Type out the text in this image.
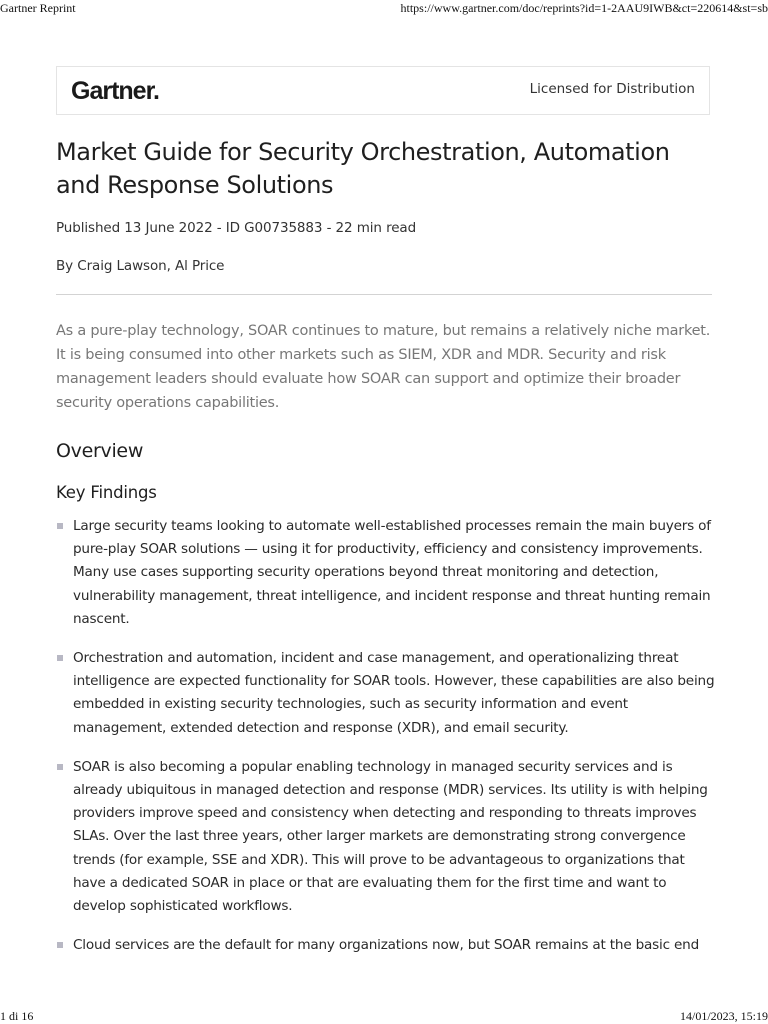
Gartner Reprint	https://www.gartner.com/doc/reprints?id=1-2AAU9IWB&ct=220614&st=sb
Gartner.	Licensed for Distribution
Market Guide for Security Orchestration, Automation and Response Solutions
Published 13 June 2022 - ID G00735883 - 22 min read
By Craig Lawson, Al Price

As a pure-play technology, SOAR continues to mature, but remains a relatively niche market. It is being consumed into other markets such as SIEM, XDR and MDR. Security and risk management leaders should evaluate how SOAR can support and optimize their broader security operations capabilities.

Overview
Key Findings
Large security teams looking to automate well-established processes remain the main buyers of pure-play SOAR solutions — using it for productivity, efficiency and consistency improvements. Many use cases supporting security operations beyond threat monitoring and detection, vulnerability management, threat intelligence, and incident response and threat hunting remain nascent.
Orchestration and automation, incident and case management, and operationalizing threat intelligence are expected functionality for SOAR tools. However, these capabilities are also being embedded in existing security technologies, such as security information and event management, extended detection and response (XDR), and email security.
SOAR is also becoming a popular enabling technology in managed security services and is already ubiquitous in managed detection and response (MDR) services. Its utility is with helping providers improve speed and consistency when detecting and responding to threats improves SLAs. Over the last three years, other larger markets are demonstrating strong convergence trends (for example, SSE and XDR). This will prove to be advantageous to organizations that have a dedicated SOAR in place or that are evaluating them for the first time and want to develop sophisticated workflows.
Cloud services are the default for many organizations now, but SOAR remains at the basic end
1 di 16	14/01/2023, 15:19
